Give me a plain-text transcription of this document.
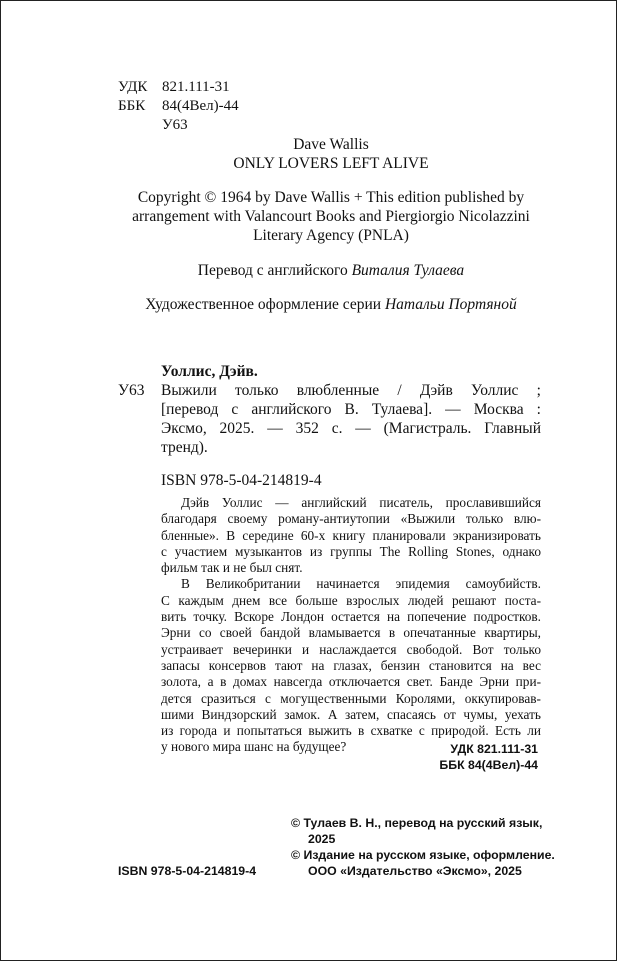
УДК 821.111-31
ББК 84(4Вел)-44
У63
Dave Wallis
ONLY LOVERS LEFT ALIVE
Copyright © 1964 by Dave Wallis + This edition published by
arrangement with Valancourt Books and Piergiorgio Nicolazzini
Literary Agency (PNLA)
Перевод с английского Виталия Тулаева
Художественное оформление серии Натальи Портяной
Уоллис, Дэйв.
Выжили только влюбленные / Дэйв Уоллис ;
[перевод с английского В. Тулаева]. — Москва :
Эксмо, 2025. — 352 с. — (Магистраль. Главный
тренд).
У63
ISBN 978-5-04-214819-4
Дэйв Уоллис — английский писатель, прославившийся
благодаря своему роману-антиутопии «Выжили только влю-
бленные». В середине 60-х книгу планировали экранизировать
с участием музыкантов из группы The Rolling Stones, однако
фильм так и не был снят.
В Великобритании начинается эпидемия самоубийств.
С каждым днем все больше взрослых людей решают поста-
вить точку. Вскоре Лондон остается на попечение подростков.
Эрни со своей бандой вламывается в опечатанные квартиры,
устраивает вечеринки и наслаждается свободой. Вот только
запасы консервов тают на глазах, бензин становится на вес
золота, а в домах навсегда отключается свет. Банде Эрни при-
дется сразиться с могущественными Королями, оккупировав-
шими Виндзорский замок. А затем, спасаясь от чумы, уехать
из города и попытаться выжить в схватке с природой. Есть ли
у нового мира шанс на будущее?	УДК 821.111-31
ББК 84(4Вел)-44
© Тулаев В. Н., перевод на русский язык,
2025
© Издание на русском языке, оформление.
ООО «Издательство «Эксмо», 2025
ISBN 978-5-04-214819-4
